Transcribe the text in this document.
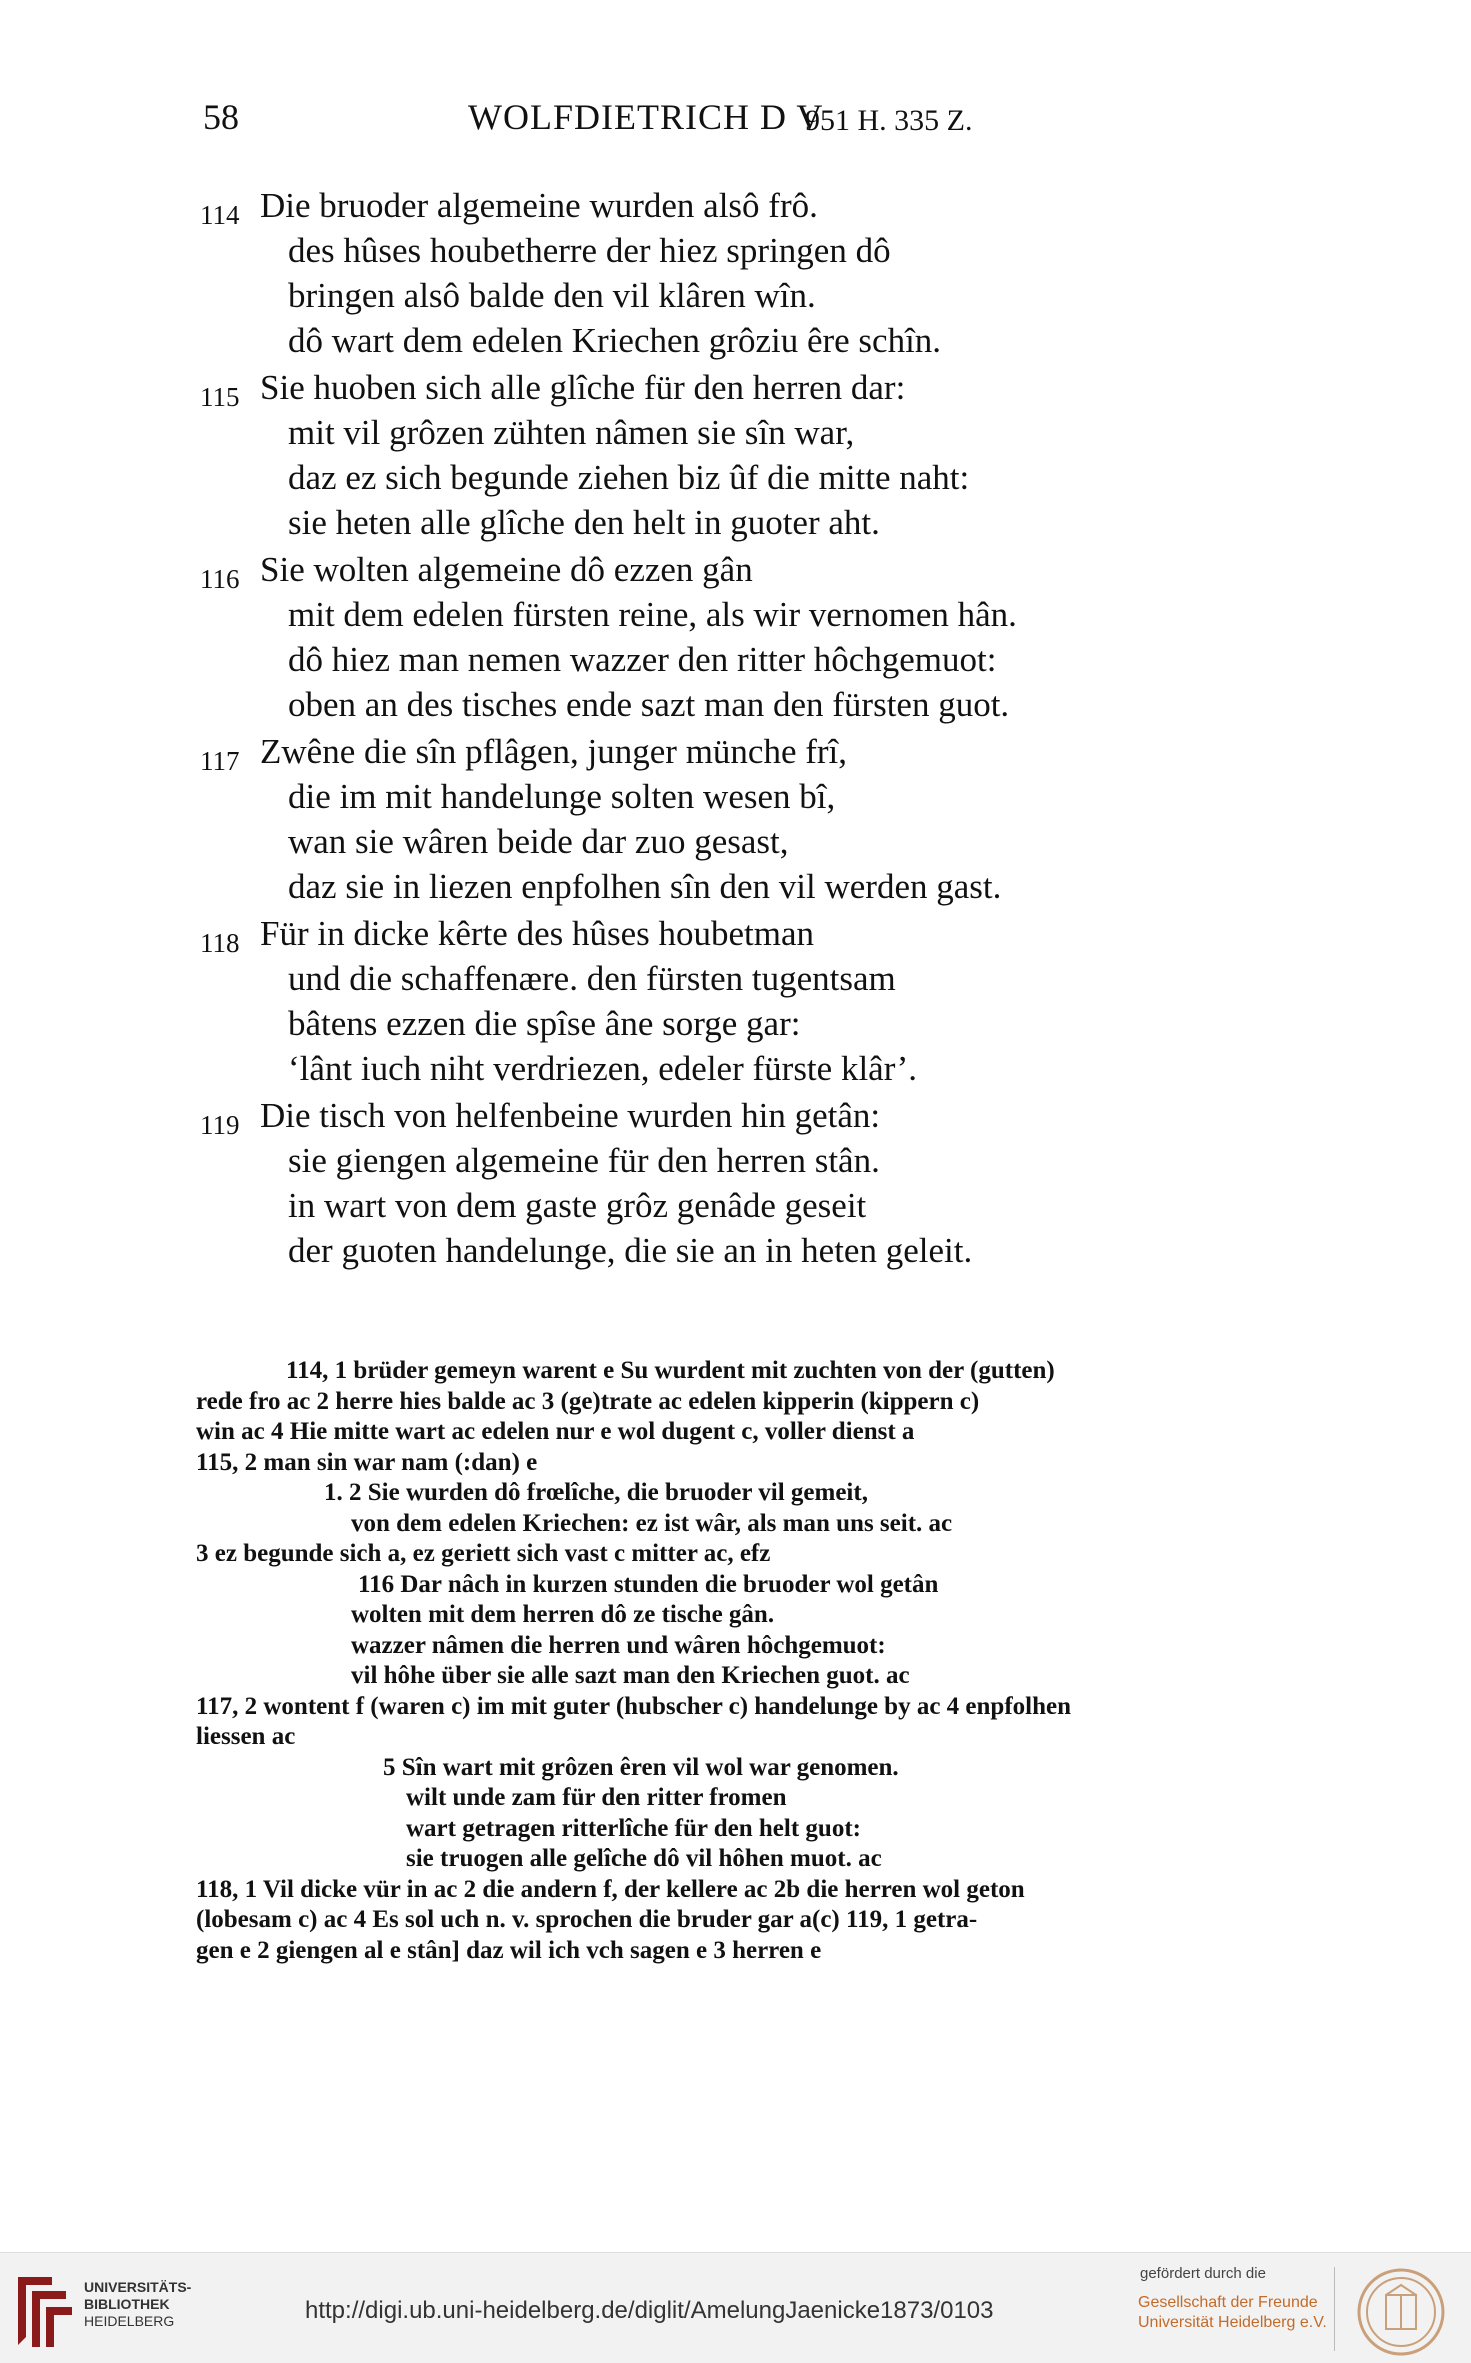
58	WOLFDIETRICH D V
951 H. 335 Z.
114 Die bruoder algemeine wurden alsô frô.
des hûses houbetherre der hiez springen dô
bringen alsô balde den vil klâren wîn.
dô wart dem edelen Kriechen grôziu êre schîn.
115 Sie huoben sich alle glîche für den herren dar:
mit vil grôzen zühten nâmen sie sîn war,
daz ez sich begunde ziehen biz ûf die mitte naht:
sie heten alle glîche den helt in guoter aht.
116 Sie wolten algemeine dô ezzen gân
mit dem edelen fürsten reine, als wir vernomen hân.
dô hiez man nemen wazzer den ritter hôchgemuot:
oben an des tisches ende sazt man den fürsten guot.
117 Zwêne die sîn pflâgen, junger münche frî,
die im mit handelunge solten wesen bî,
wan sie wâren beide dar zuo gesast,
daz sie in liezen enpfolhen sîn den vil werden gast.
118 Für in dicke kêrte des hûses houbetman
und die schaffenære. den fürsten tugentsam
bâtens ezzen die spîse âne sorge gar:
‘lânt iuch niht verdriezen, edeler fürste klâr’.
119 Die tisch von helfenbeine wurden hin getân:
sie giengen algemeine für den herren stân.
in wart von dem gaste grôz genâde geseit
der guoten handelunge, die sie an in heten geleit.
114, 1 brüder gemeyn warent e Su wurdent mit zuchten von der (gutten)
rede fro ac 2 herre hies balde ac 3 (ge)trate ac edelen kipperin (kippern c)
win ac 4 Hie mitte wart ac edelen nur e wol dugent c, voller dienst a
115, 2 man sin war nam (:dan) e
1. 2 Sie wurden dô frœlîche, die bruoder vil gemeit,
von dem edelen Kriechen: ez ist wâr, als man uns seit. ac
3 ez begunde sich a, ez geriett sich vast c mitter ac, efz
116 Dar nâch in kurzen stunden die bruoder wol getân
wolten mit dem herren dô ze tische gân.
wazzer nâmen die herren und wâren hôchgemuot:
vil hôhe über sie alle sazt man den Kriechen guot. ac
117, 2 wontent f (waren c) im mit guter (hubscher c) handelunge by ac 4 enpfolhen
liessen ac
5 Sîn wart mit grôzen êren vil wol war genomen.
wilt unde zam für den ritter fromen
wart getragen ritterlîche für den helt guot:
sie truogen alle gelîche dô vil hôhen muot. ac
118, 1 Vil dicke vür in ac 2 die andern f, der kellere ac 2b die herren wol geton
(lobesam c) ac 4 Es sol uch n. v. sprochen die bruder gar a(c) 119, 1 getra-
gen e 2 giengen al e stân] daz wil ich vch sagen e 3 herren e
UNIVERSITÄTS-
BIBLIOTHEK
HEIDELBERG	http://digi.ub.uni-heidelberg.de/diglit/AmelungJaenicke1873/0103
gefördert durch die
Gesellschaft der Freunde
Universität Heidelberg e.V.
